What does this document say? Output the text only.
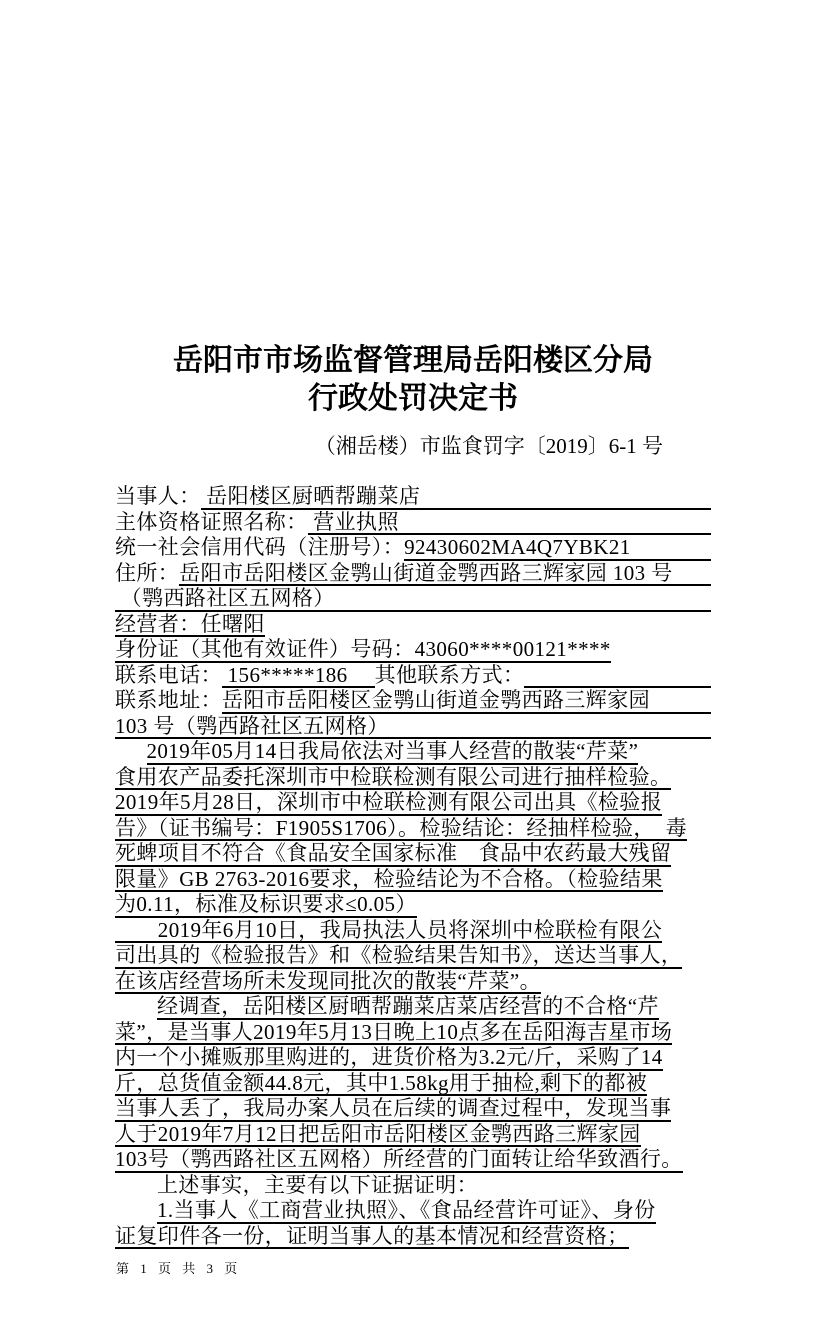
岳阳市市场监督管理局岳阳楼区分局
行政处罚决定书
（湘岳楼）市监食罚字〔2019〕6-1 号
当事人： 岳阳楼区厨晒帮蹦菜店
主体资格证照名称： 营业执照
统一社会信用代码（注册号）： 92430602MA4Q7YBK21
住所： 岳阳市岳阳楼区金鹗山街道金鹗西路三辉家园 103 号
（鹗西路社区五网格）
经营者：任曙阳
身份证（其他有效证件）号码：43060****00121****
联系电话： 156*****186　 其他联系方式：
联系地址： 岳阳市岳阳楼区金鹗山街道金鹗西路三辉家园
103 号（鹗西路社区五网格）
2019年05月14日我局依法对当事人经营的散装“芹菜”
食用农产品委托深圳市中检联检测有限公司进行抽样检验。
2019年5月28日，深圳市中检联检测有限公司出具《检验报
告》（证书编号：F1905S1706）。检验结论：经抽样检验，　毒
死蜱项目不符合《食品安全国家标准　食品中农药最大残留
限量》GB 2763-2016要求，检验结论为不合格。（检验结果
为0.11，标准及标识要求≤0.05）
　　2019年6月10日，我局执法人员将深圳中检联检有限公
司出具的《检验报告》和《检验结果告知书》，送达当事人，
在该店经营场所未发现同批次的散装“芹菜”。
经调查，岳阳楼区厨晒帮蹦菜店菜店经营的不合格“芹
菜”，是当事人2019年5月13日晚上10点多在岳阳海吉星市场
内一个小摊贩那里购进的，进货价格为3.2元/斤，采购了14
斤，总货值金额44.8元，其中1.58kg用于抽检,剩下的都被
当事人丢了，我局办案人员在后续的调查过程中，发现当事
人于2019年7月12日把岳阳市岳阳楼区金鹗西路三辉家园
103号（鹗西路社区五网格）所经营的门面转让给华致酒行。
上述事实，主要有以下证据证明：
1.当事人《工商营业执照》、《食品经营许可证》、身份
证复印件各一份，证明当事人的基本情况和经营资格；
第 1 页 共 3 页
